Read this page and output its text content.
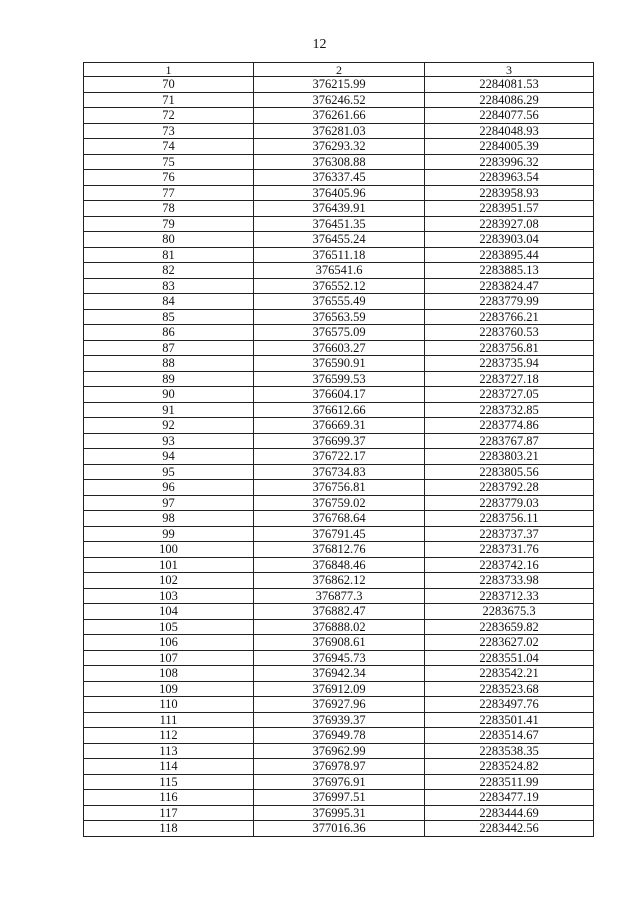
12
1	2	3
70	376215.99	2284081.53
71	376246.52	2284086.29
72	376261.66	2284077.56
73	376281.03	2284048.93
74	376293.32	2284005.39
75	376308.88	2283996.32
76	376337.45	2283963.54
77	376405.96	2283958.93
78	376439.91	2283951.57
79	376451.35	2283927.08
80	376455.24	2283903.04
81	376511.18	2283895.44
82	376541.6	2283885.13
83	376552.12	2283824.47
84	376555.49	2283779.99
85	376563.59	2283766.21
86	376575.09	2283760.53
87	376603.27	2283756.81
88	376590.91	2283735.94
89	376599.53	2283727.18
90	376604.17	2283727.05
91	376612.66	2283732.85
92	376669.31	2283774.86
93	376699.37	2283767.87
94	376722.17	2283803.21
95	376734.83	2283805.56
96	376756.81	2283792.28
97	376759.02	2283779.03
98	376768.64	2283756.11
99	376791.45	2283737.37
100	376812.76	2283731.76
101	376848.46	2283742.16
102	376862.12	2283733.98
103	376877.3	2283712.33
104	376882.47	2283675.3
105	376888.02	2283659.82
106	376908.61	2283627.02
107	376945.73	2283551.04
108	376942.34	2283542.21
109	376912.09	2283523.68
110	376927.96	2283497.76
111	376939.37	2283501.41
112	376949.78	2283514.67
113	376962.99	2283538.35
114	376978.97	2283524.82
115	376976.91	2283511.99
116	376997.51	2283477.19
117	376995.31	2283444.69
118	377016.36	2283442.56
